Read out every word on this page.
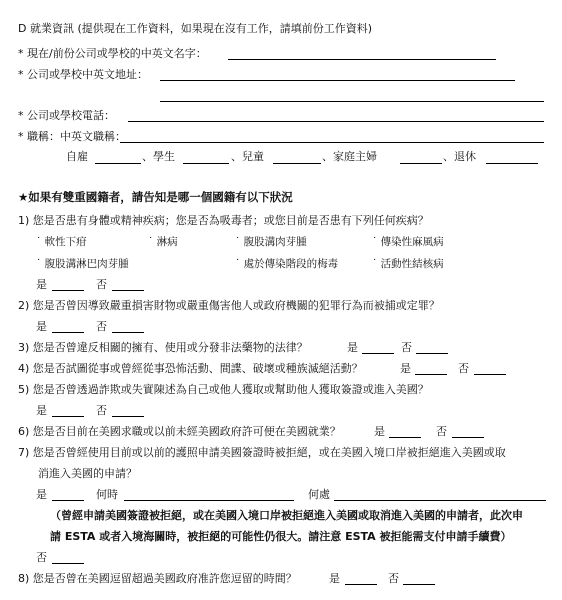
D 就業資訊 (提供現在工作資料，如果現在沒有工作，請填前份工作資料)
* 現在/前份公司或學校的中英文名字：
* 公司或學校中英文地址：
* 公司或學校電話：
* 職稱：中英文職稱：
自雇	、學生	、兒童	、家庭主婦	、退休
★如果有雙重國籍者，請告知是哪一個國籍有以下狀況
1) 您是否患有身體或精神疾病；您是否為吸毒者；或您目前是否患有下列任何疾病？
˙ 軟性下疳	˙ 淋病	˙ 腹股溝肉芽腫	˙ 傳染性麻風病
˙ 腹股溝淋巴肉芽腫	˙ 處於傳染階段的梅毒	˙ 活動性結核病
是	否
2) 您是否曾因導致嚴重損害財物或嚴重傷害他人或政府機關的犯罪行為而被捕或定罪？
是	否
3) 您是否曾違反相關的擁有、使用或分發非法藥物的法律？	是	否
4) 您是否試圖從事或曾經從事恐怖活動、間諜、破壞或種族滅絕活動？	是	否
5) 您是否曾透過詐欺或失實陳述為自己或他人獲取或幫助他人獲取簽證或進入美國？
是	否
6) 您是否目前在美國求職或以前未經美國政府許可便在美國就業？	是	否
7) 您是否曾經使用目前或以前的護照申請美國簽證時被拒絕，或在美國入境口岸被拒絕進入美國或取
消進入美國的申請？
是	何時	何處
（曾經申請美國簽證被拒絕，或在美國入境口岸被拒絕進入美國或取消進入美國的申請者，此次申
請 ESTA 或者入境海關時，被拒絕的可能性仍很大。請注意 ESTA 被拒能需支付申請手續費）
否
8) 您是否曾在美國逗留超過美國政府准許您逗留的時間？	是	否
